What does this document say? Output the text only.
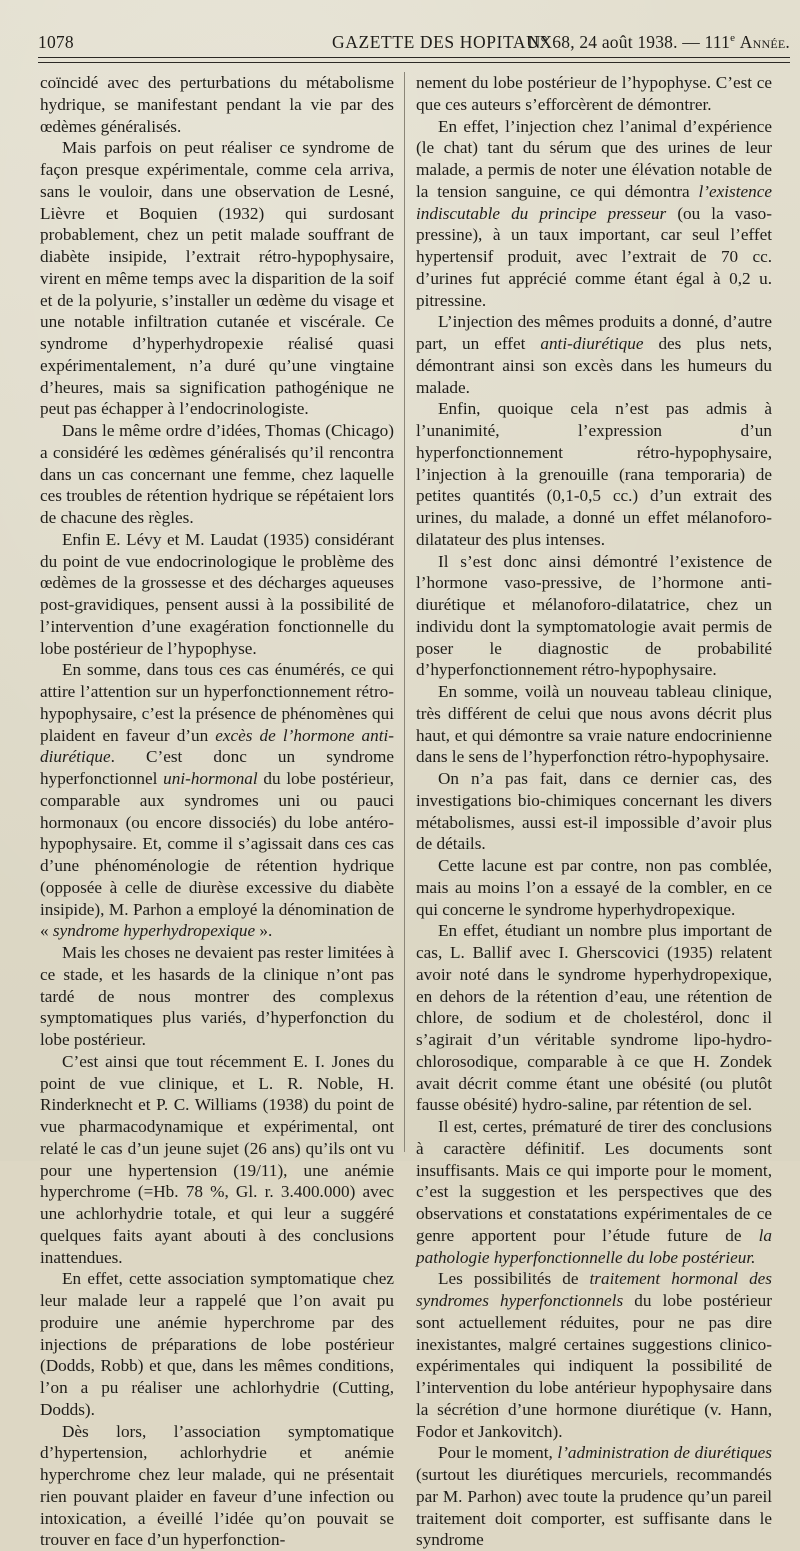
1078	GAZETTE DES HOPITAUX
N° 68, 24 août 1938. — 111e Année.

coïncidé avec des perturbations du métabolisme hydrique, se manifestant pendant la vie par des œdèmes généralisés.

Mais parfois on peut réaliser ce syndrome de façon presque expérimentale, comme cela arriva, sans le vouloir, dans une observation de Lesné, Lièvre et Boquien (1932) qui surdosant probablement, chez un petit malade souffrant de diabète insipide, l’extrait rétro-hypophysaire, virent en même temps avec la disparition de la soif et de la polyurie, s’installer un œdème du visage et une notable infiltration cutanée et viscérale. Ce syndrome d’hyperhydropexie réalisé quasi expérimentalement, n’a duré qu’une vingtaine d’heures, mais sa signification pathogénique ne peut pas échapper à l’endocrinologiste.

Dans le même ordre d’idées, Thomas (Chicago) a considéré les œdèmes généralisés qu’il rencontra dans un cas concernant une femme, chez laquelle ces troubles de rétention hydrique se répétaient lors de chacune des règles.

Enfin E. Lévy et M. Laudat (1935) considérant du point de vue endocrinologique le problème des œdèmes de la grossesse et des décharges aqueuses post-gravidiques, pensent aussi à la possibilité de l’intervention d’une exagération fonctionnelle du lobe postérieur de l’hypophyse.

En somme, dans tous ces cas énumérés, ce qui attire l’attention sur un hyperfonctionnement rétro-hypophysaire, c’est la présence de phénomènes qui plaident en faveur d’un excès de l’hormone anti-diurétique. C’est donc un syndrome hyperfonctionnel uni-hormonal du lobe postérieur, comparable aux syndromes uni ou pauci hormonaux (ou encore dissociés) du lobe antéro-hypophysaire. Et, comme il s’agissait dans ces cas d’une phénoménologie de rétention hydrique (opposée à celle de diurèse excessive du diabète insipide), M. Parhon a employé la dénomination de « syndrome hyperhydropexique ».

Mais les choses ne devaient pas rester limitées à ce stade, et les hasards de la clinique n’ont pas tardé de nous montrer des complexus symptomatiques plus variés, d’hyperfonction du lobe postérieur.

C’est ainsi que tout récemment E. I. Jones du point de vue clinique, et L. R. Noble, H. Rinderknecht et P. C. Williams (1938) du point de vue pharmacodynamique et expérimental, ont relaté le cas d’un jeune sujet (26 ans) qu’ils ont vu pour une hypertension (19/11), une anémie hyperchrome (=Hb. 78 %, Gl. r. 3.400.000) avec une achlorhydrie totale, et qui leur a suggéré quelques faits ayant abouti à des conclusions inattendues.

En effet, cette association symptomatique chez leur malade leur a rappelé que l’on avait pu produire une anémie hyperchrome par des injections de préparations de lobe postérieur (Dodds, Robb) et que, dans les mêmes conditions, l’on a pu réaliser une achlorhydrie (Cutting, Dodds).

Dès lors, l’association symptomatique d’hypertension, achlorhydrie et anémie hyperchrome chez leur malade, qui ne présentait rien pouvant plaider en faveur d’une infection ou intoxication, a éveillé l’idée qu’on pouvait se trouver en face d’un hyperfonction-

nement du lobe postérieur de l’hypophyse. C’est ce que ces auteurs s’efforcèrent de démontrer.

En effet, l’injection chez l’animal d’expérience (le chat) tant du sérum que des urines de leur malade, a permis de noter une élévation notable de la tension sanguine, ce qui démontra l’existence indiscutable du principe presseur (ou la vaso-pressine), à un taux important, car seul l’effet hypertensif produit, avec l’extrait de 70 cc. d’urines fut apprécié comme étant égal à 0,2 u. pitressine.

L’injection des mêmes produits a donné, d’autre part, un effet anti-diurétique des plus nets, démontrant ainsi son excès dans les humeurs du malade.

Enfin, quoique cela n’est pas admis à l’unanimité, l’expression d’un hyperfonctionnement rétro-hypophysaire, l’injection à la grenouille (rana temporaria) de petites quantités (0,1-0,5 cc.) d’un extrait des urines, du malade, a donné un effet mélanoforo-dilatateur des plus intenses.

Il s’est donc ainsi démontré l’existence de l’hormone vaso-pressive, de l’hormone anti-diurétique et mélanoforo-dilatatrice, chez un individu dont la symptomatologie avait permis de poser le diagnostic de probabilité d’hyperfonctionnement rétro-hypophysaire.

En somme, voilà un nouveau tableau clinique, très différent de celui que nous avons décrit plus haut, et qui démontre sa vraie nature endocrinienne dans le sens de l’hyperfonction rétro-hypophysaire.

On n’a pas fait, dans ce dernier cas, des investigations bio-chimiques concernant les divers métabolismes, aussi est-il impossible d’avoir plus de détails.

Cette lacune est par contre, non pas comblée, mais au moins l’on a essayé de la combler, en ce qui concerne le syndrome hyperhydropexique.

En effet, étudiant un nombre plus important de cas, L. Ballif avec I. Gherscovici (1935) relatent avoir noté dans le syndrome hyperhydropexique, en dehors de la rétention d’eau, une rétention de chlore, de sodium et de cholestérol, donc il s’agirait d’un véritable syndrome lipo-hydro-chlorosodique, comparable à ce que H. Zondek avait décrit comme étant une obésité (ou plutôt fausse obésité) hydro-saline, par rétention de sel.

Il est, certes, prématuré de tirer des conclusions à caractère définitif. Les documents sont insuffisants. Mais ce qui importe pour le moment, c’est la suggestion et les perspectives que des observations et constatations expérimentales de ce genre apportent pour l’étude future de la pathologie hyperfonctionnelle du lobe postérieur.

Les possibilités de traitement hormonal des syndromes hyperfonctionnels du lobe postérieur sont actuellement réduites, pour ne pas dire inexistantes, malgré certaines suggestions clinico-expérimentales qui indiquent la possibilité de l’intervention du lobe antérieur hypophysaire dans la sécrétion d’une hormone diurétique (v. Hann, Fodor et Jankovitch).

Pour le moment, l’administration de diurétiques (surtout les diurétiques mercuriels, recommandés par M. Parhon) avec toute la prudence qu’un pareil traitement doit comporter, est suffisante dans le syndrome
